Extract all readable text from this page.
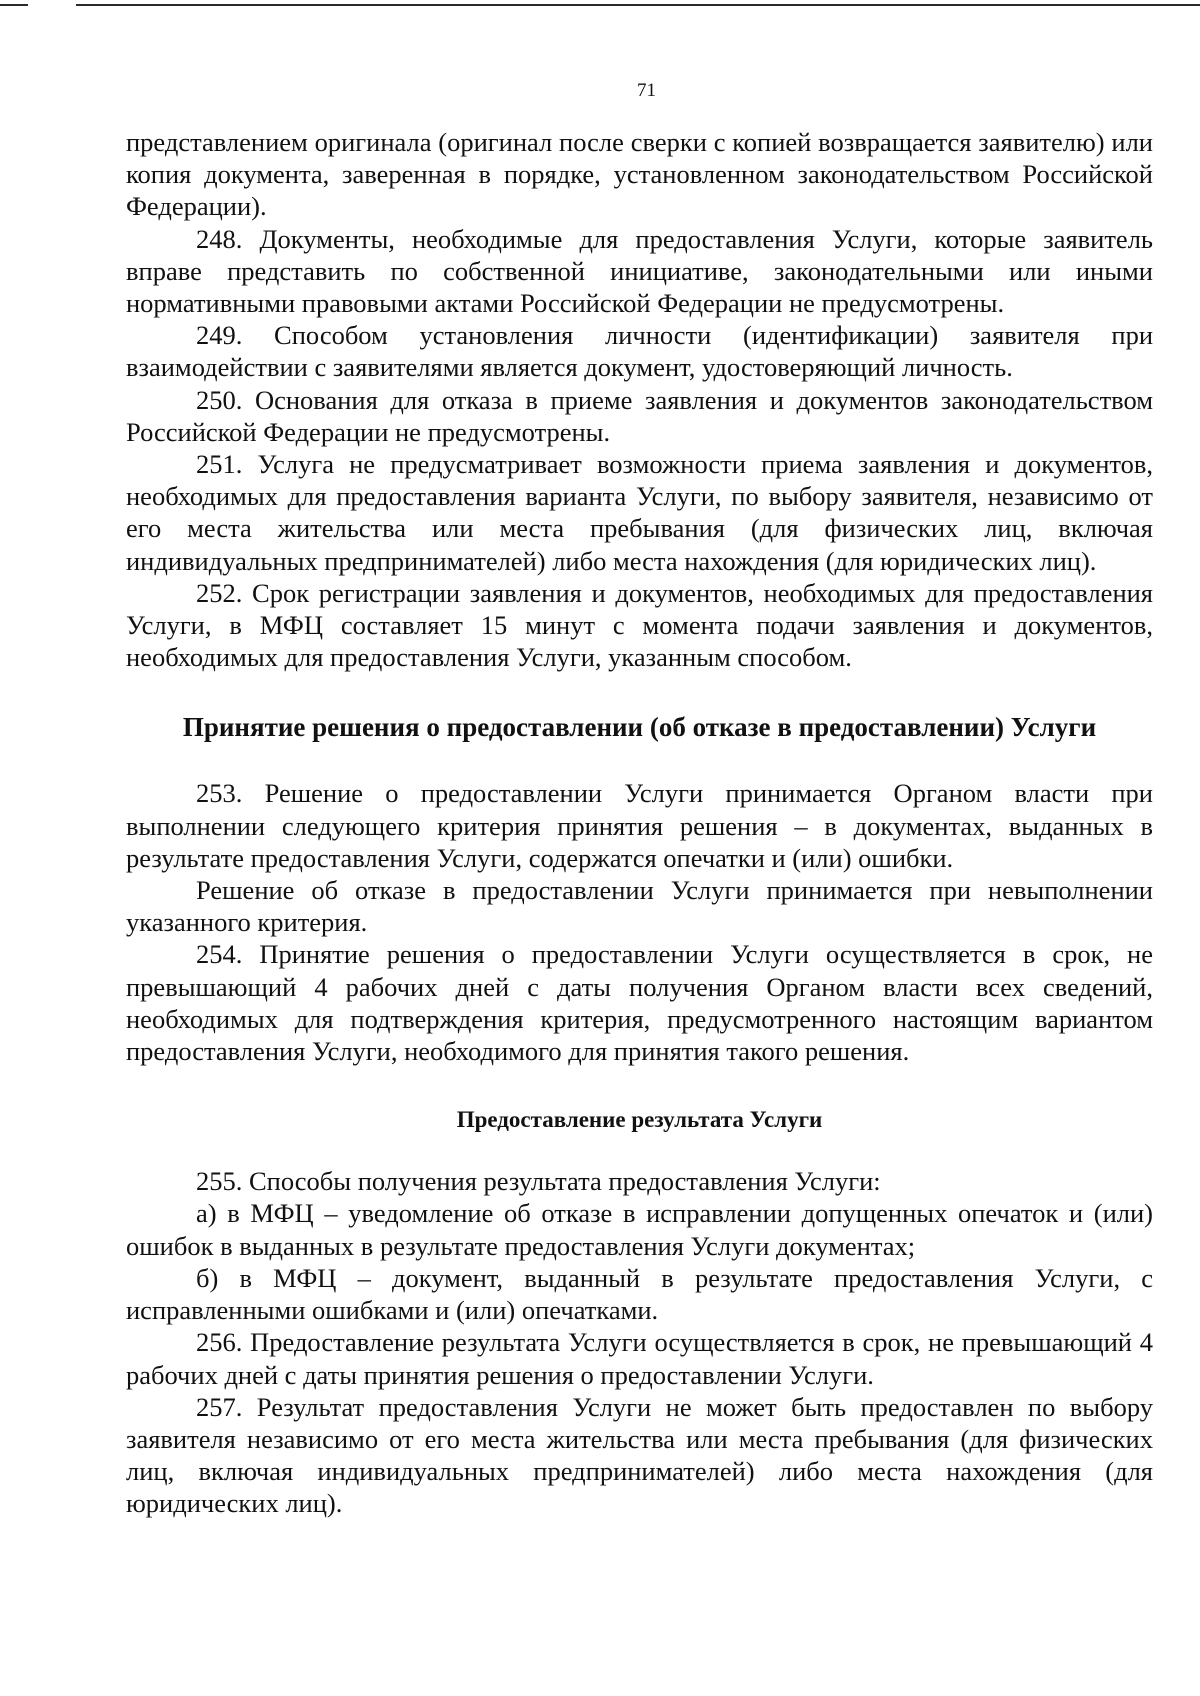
71

представлением оригинала (оригинал после сверки с копией возвращается заявителю) или копия документа, заверенная в порядке, установленном законодательством Российской Федерации).

248. Документы, необходимые для предоставления Услуги, которые заявитель вправе представить по собственной инициативе, законодательными или иными нормативными правовыми актами Российской Федерации не предусмотрены.

249. Способом установления личности (идентификации) заявителя при взаимодействии с заявителями является документ, удостоверяющий личность.

250. Основания для отказа в приеме заявления и документов законодательством Российской Федерации не предусмотрены.

251. Услуга не предусматривает возможности приема заявления и документов, необходимых для предоставления варианта Услуги, по выбору заявителя, независимо от его места жительства или места пребывания (для физических лиц, включая индивидуальных предпринимателей) либо места нахождения (для юридических лиц).

252. Срок регистрации заявления и документов, необходимых для предоставления Услуги, в МФЦ составляет 15 минут с момента подачи заявления и документов, необходимых для предоставления Услуги, указанным способом.

Принятие решения о предоставлении (об отказе в предоставлении) Услуги

253. Решение о предоставлении Услуги принимается Органом власти при выполнении следующего критерия принятия решения – в документах, выданных в результате предоставления Услуги, содержатся опечатки и (или) ошибки.

Решение об отказе в предоставлении Услуги принимается при невыполнении указанного критерия.

254. Принятие решения о предоставлении Услуги осуществляется в срок, не превышающий 4 рабочих дней с даты получения Органом власти всех сведений, необходимых для подтверждения критерия, предусмотренного настоящим вариантом предоставления Услуги, необходимого для принятия такого решения.

Предоставление результата Услуги

255. Способы получения результата предоставления Услуги:

а) в МФЦ – уведомление об отказе в исправлении допущенных опечаток и (или) ошибок в выданных в результате предоставления Услуги документах;

б) в МФЦ – документ, выданный в результате предоставления Услуги, с исправленными ошибками и (или) опечатками.

256. Предоставление результата Услуги осуществляется в срок, не превышающий 4 рабочих дней с даты принятия решения о предоставлении Услуги.

257. Результат предоставления Услуги не может быть предоставлен по выбору заявителя независимо от его места жительства или места пребывания (для физических лиц, включая индивидуальных предпринимателей) либо места нахождения (для юридических лиц).
